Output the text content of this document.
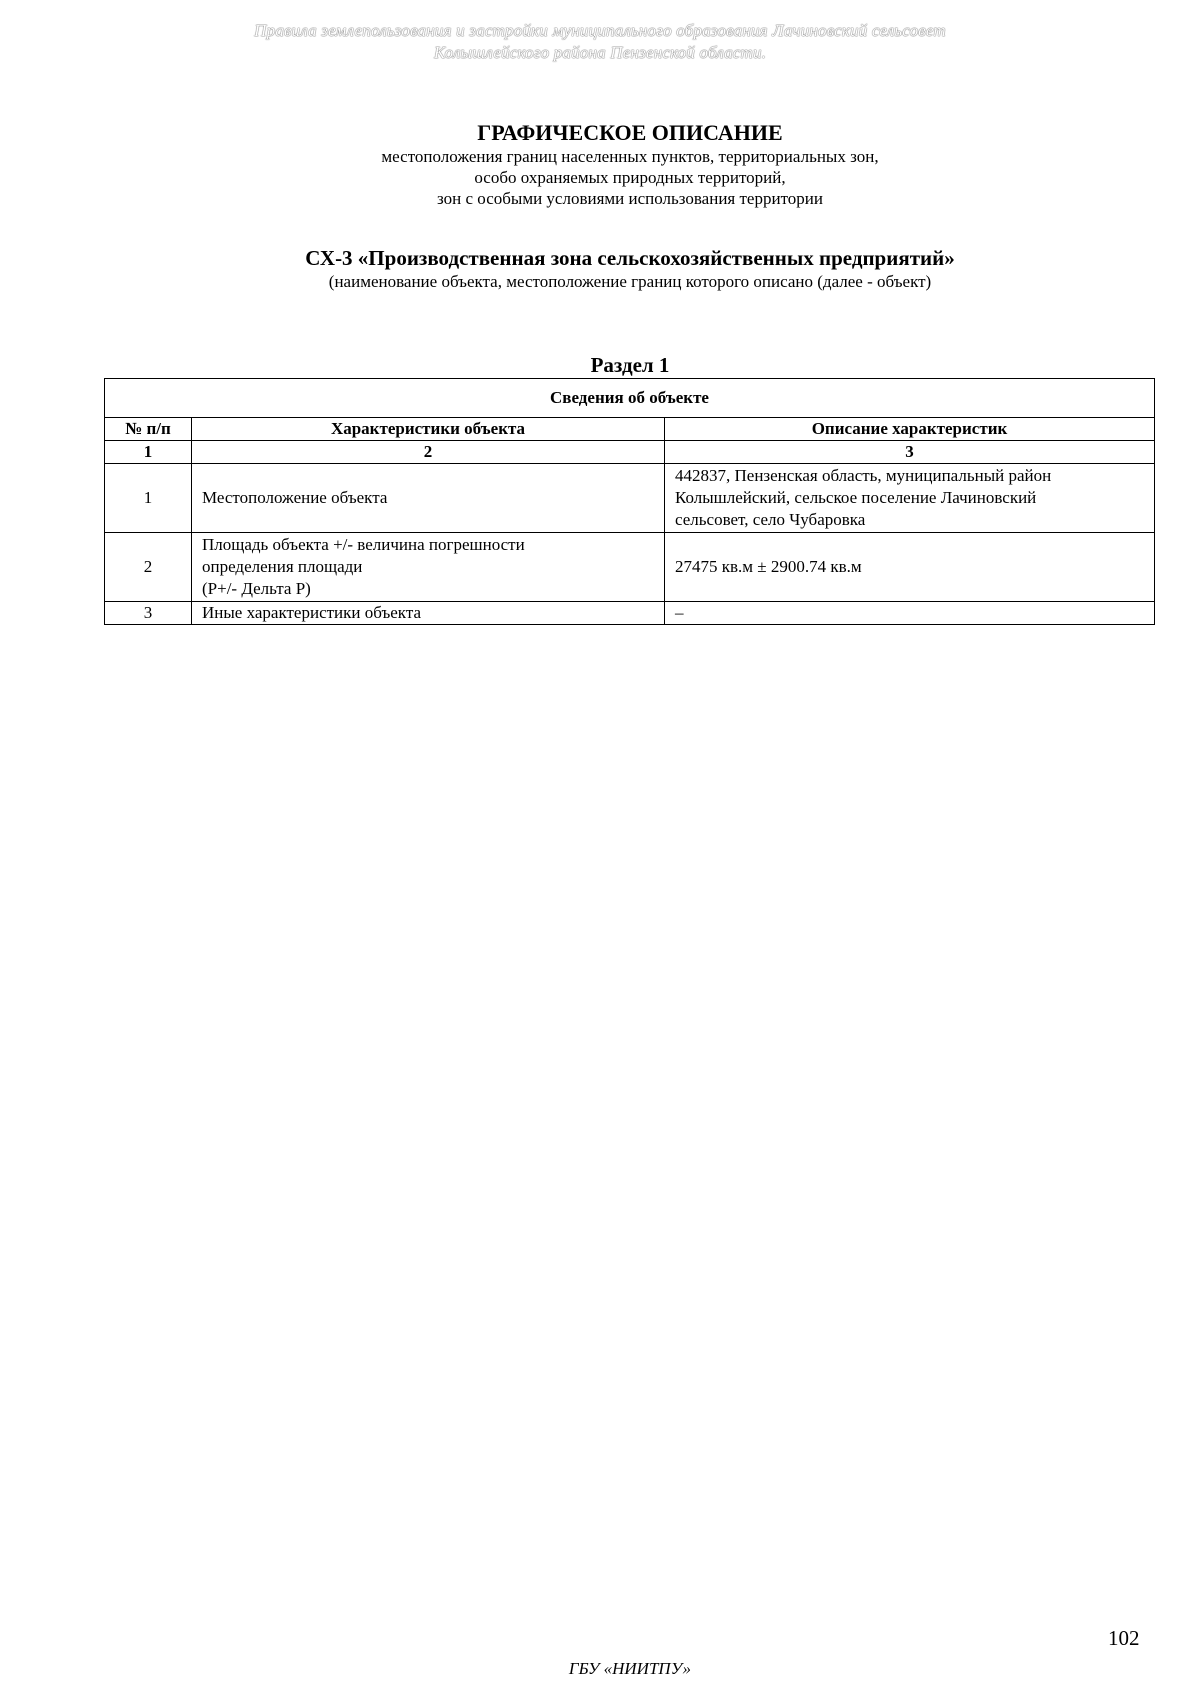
Правила землепользования и застройки муниципального образования Лачиновский сельсовет
Колышлейского района Пензенской области.
ГРАФИЧЕСКОЕ ОПИСАНИЕ
местоположения границ населенных пунктов, территориальных зон,
особо охраняемых природных территорий,
зон с особыми условиями использования территории
СХ-3 «Производственная зона сельскохозяйственных предприятий»
(наименование объекта, местоположение границ которого описано (далее - объект)
Раздел 1
Сведения об объекте		
№ п/п	Характеристики объекта	Описание характеристик
1	2	3
1	Местоположение объекта	442837, Пензенская область, муниципальный район
Колышлейский, сельское поселение Лачиновский
сельсовет, село Чубаровка

2	Площадь объекта +/- величина погрешности
определения площади
(Р+/- Дельта Р)	27475 кв.м ± 2900.74 кв.м

3	Иные характеристики объекта	–
102
ГБУ «НИИТПУ»
